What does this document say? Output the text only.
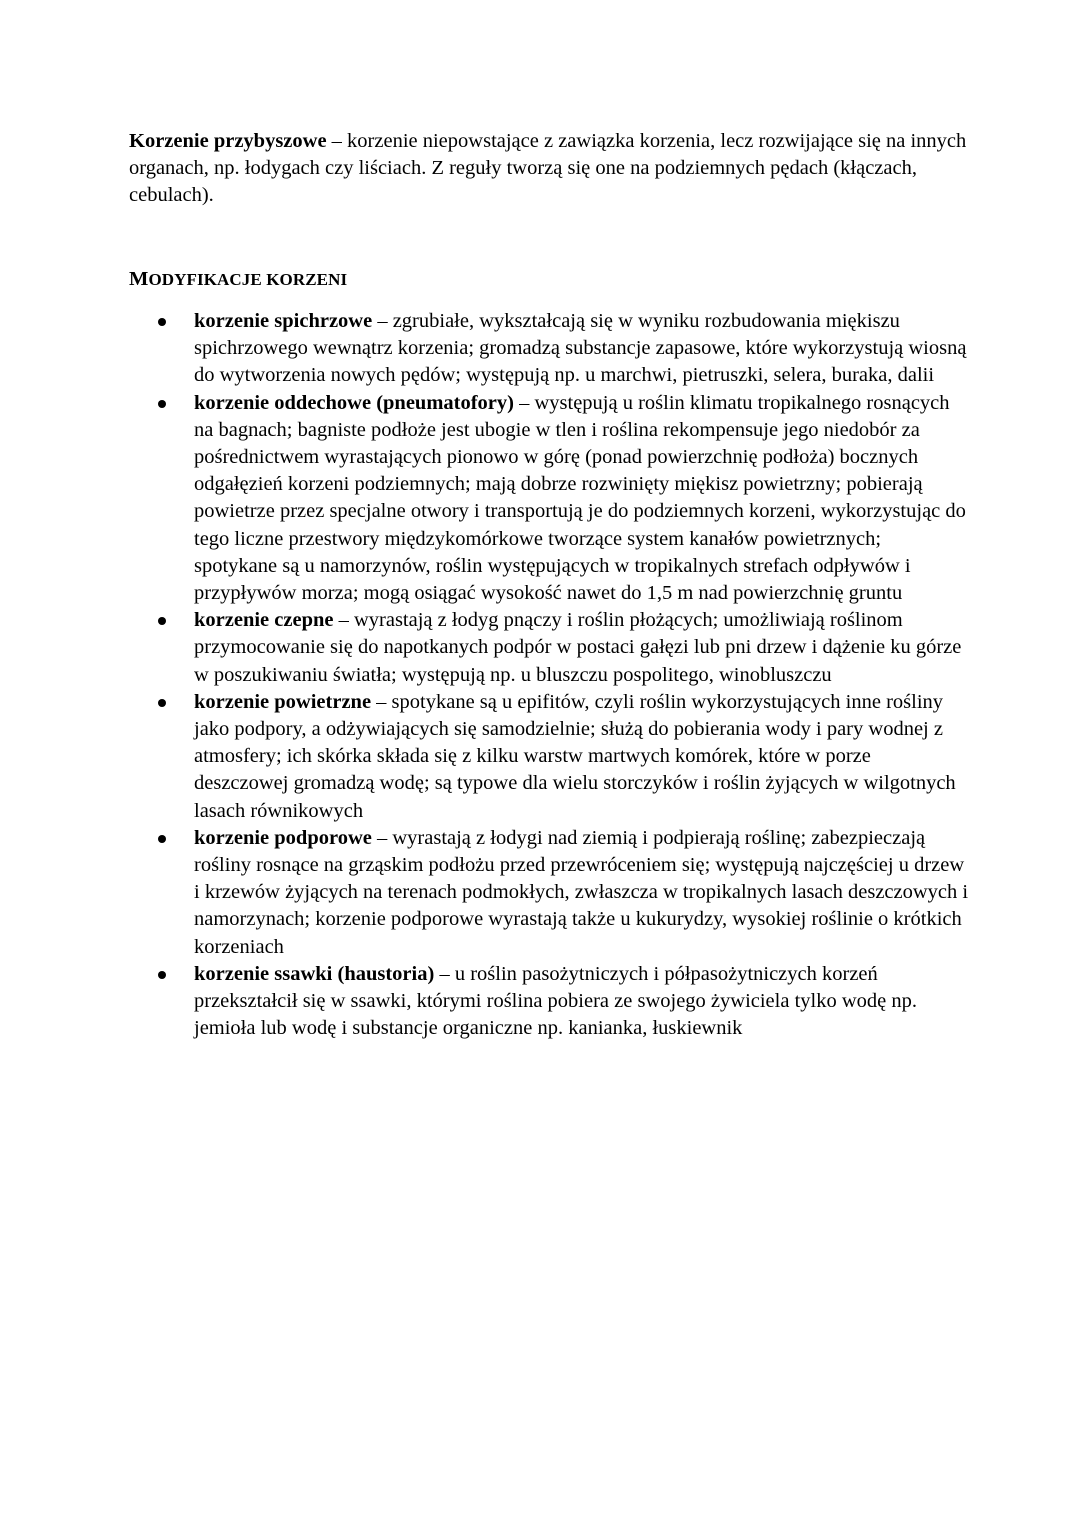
Korzenie przybyszowe – korzenie niepowstające z zawiązka korzenia, lecz rozwijające się na innych organach, np. łodygach czy liściach. Z reguły tworzą się one na podziemnych pędach (kłączach, cebulach).

MODYFIKACJE KORZENI
korzenie spichrzowe – zgrubiałe, wykształcają się w wyniku rozbudowania miękiszu spichrzowego wewnątrz korzenia; gromadzą substancje zapasowe, które wykorzystują wiosną do wytworzenia nowych pędów; występują np. u marchwi, pietruszki, selera, buraka, dalii
korzenie oddechowe (pneumatofory) – występują u roślin klimatu tropikalnego rosnących na bagnach; bagniste podłoże jest ubogie w tlen i roślina rekompensuje jego niedobór za pośrednictwem wyrastających pionowo w górę (ponad powierzchnię podłoża) bocznych odgałęzień korzeni podziemnych; mają dobrze rozwinięty miękisz powietrzny; pobierają powietrze przez specjalne otwory i transportują je do podziemnych korzeni, wykorzystując do tego liczne przestwory międzykomórkowe tworzące system kanałów powietrznych; spotykane są u namorzynów, roślin występujących w tropikalnych strefach odpływów i przypływów morza; mogą osiągać wysokość nawet do 1,5 m nad powierzchnię gruntu
korzenie czepne – wyrastają z łodyg pnączy i roślin płożących; umożliwiają roślinom przymocowanie się do napotkanych podpór w postaci gałęzi lub pni drzew i dążenie ku górze w poszukiwaniu światła; występują np. u bluszczu pospolitego, winobluszczu
korzenie powietrzne – spotykane są u epifitów, czyli roślin wykorzystujących inne rośliny jako podpory, a odżywiających się samodzielnie; służą do pobierania wody i pary wodnej z atmosfery; ich skórka składa się z kilku warstw martwych komórek, które w porze deszczowej gromadzą wodę; są typowe dla wielu storczyków i roślin żyjących w wilgotnych lasach równikowych
korzenie podporowe – wyrastają z łodygi nad ziemią i podpierają roślinę; zabezpieczają rośliny rosnące na grząskim podłożu przed przewróceniem się; występują najczęściej u drzew i krzewów żyjących na terenach podmokłych, zwłaszcza w tropikalnych lasach deszczowych i namorzynach; korzenie podporowe wyrastają także u kukurydzy, wysokiej roślinie o krótkich korzeniach
korzenie ssawki (haustoria) – u roślin pasożytniczych i półpasożytniczych korzeń przekształcił się w ssawki, którymi roślina pobiera ze swojego żywiciela tylko wodę np. jemioła lub wodę i substancje organiczne np. kanianka, łuskiewnik
